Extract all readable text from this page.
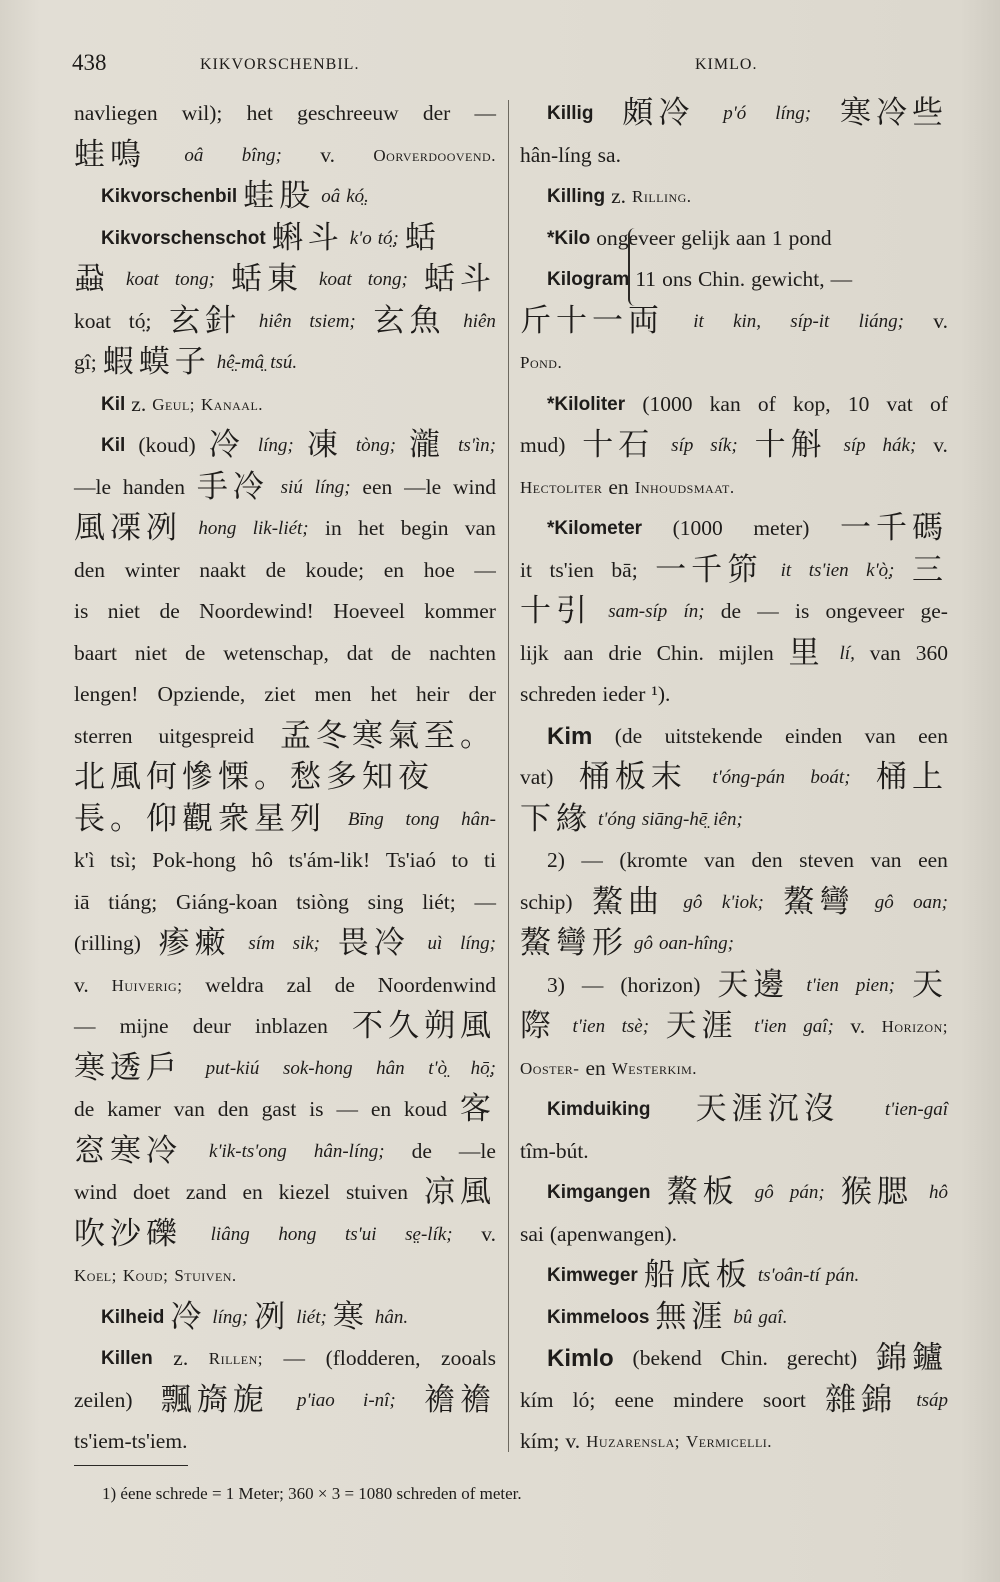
438	KIKVORSCHENBIL.	KIMLO.
navliegen wil); het geschreeuw der —
蛙鳴 oâ bîng; v. Oorverdoovend.
Kikvorschenbil 蛙股 oâ kó̤.
Kikvorschenschot 蝌斗 k'o tó̤; 蛞
蝨 koat tong; 蛞東 koat tong; 蛞斗
koat tó̤; 玄針 hiên tsiem; 玄魚 hiên
gî; 蝦蟆子 hê̤-mâ̤ tsú.
Kil z. Geul; Kanaal.
Kil (koud) 冷 líng; 凍 tòng; 瀧 ts'ìn;
—le handen 手冷 siú líng; een —le wind
風凓冽 hong lik-liét; in het begin van
den winter naakt de koude; en hoe —
is niet de Noordewind! Hoeveel kommer
baart niet de wetenschap, dat de nachten
lengen! Opziende, ziet men het heir der
sterren uitgespreid 孟冬寒氣至。
北風何慘慄。愁多知夜
長。仰觀衆星列 Bīng tong hân-
k'ì tsì; Pok-hong hô ts'ám-lik! Ts'iaó to ti
iā tiáng; Giáng-koan tsiòng sing liét; —
(rilling) 瘆瘷 sím sik; 畏冷 uì líng;
v. Huiverig; weldra zal de Noordenwind
— mijne deur inblazen 不久朔風
寒透戶 put-kiú sok-hong hân t'ò̤ hō̤;
de kamer van den gast is — en koud 客
窓寒冷 k'ik-ts'ong hân-líng; de —le
wind doet zand en kiezel stuiven 凉風
吹沙礫 liâng hong ts'ui se̤-lík; v.
Koel; Koud; Stuiven.
Kilheid 冷 líng; 冽 liét; 寒 hân.
Killen z. Rillen; — (flodderen, zooals
zeilen) 飄旖旎 p'iao i-nî; 襜襜
ts'iem-ts'iem.
Killig 頗冷 p'ó líng; 寒冷些
hân-líng sa.
Killing z. Rilling.
*Kilo ongeveer gelijk aan 1 pond
Kilogram 11 ons Chin. gewicht, —
斤十一両 it kin, síp-it liáng; v.
Pond.
*Kiloliter (1000 kan of kop, 10 vat of
mud) 十石 síp sík; 十斛 síp hák; v.
Hectoliter en Inhoudsmaat.
*Kilometer (1000 meter) 一千碼
it ts'ien bā; 一千笷 it ts'ien k'ò̤; 三
十引 sam-síp ín; de — is ongeveer ge-
lijk aan drie Chin. mijlen 里 lí, van 360
schreden ieder ¹).
Kim (de uitstekende einden van een
vat) 桶板末 t'óng-pán boát; 桶上
下緣 t'óng siāng-hē̤ iên;
2) — (kromte van den steven van een
schip) 鰲曲 gô k'iok; 鰲彎 gô oan;
鰲彎形 gô oan-hîng;
3) — (horizon) 天邊 t'ien pien; 天
際 t'ien tsè; 天涯 t'ien gaî; v. Horizon;
Ooster- en Westerkim.
Kimduiking 天涯沉沒 t'ien-gaî
tîm-bút.
Kimgangen 鰲板 gô pán; 猴腮 hô
sai (apenwangen).
Kimweger 船底板 ts'oân-tí pán.
Kimmeloos 無涯 bû gaî.
Kimlo (bekend Chin. gerecht) 錦鑪
kím ló; eene mindere soort 雜錦 tsáp
kím; v. Huzarensla; Vermicelli.
1) éene schrede = 1 Meter; 360 × 3 = 1080 schreden of meter.
